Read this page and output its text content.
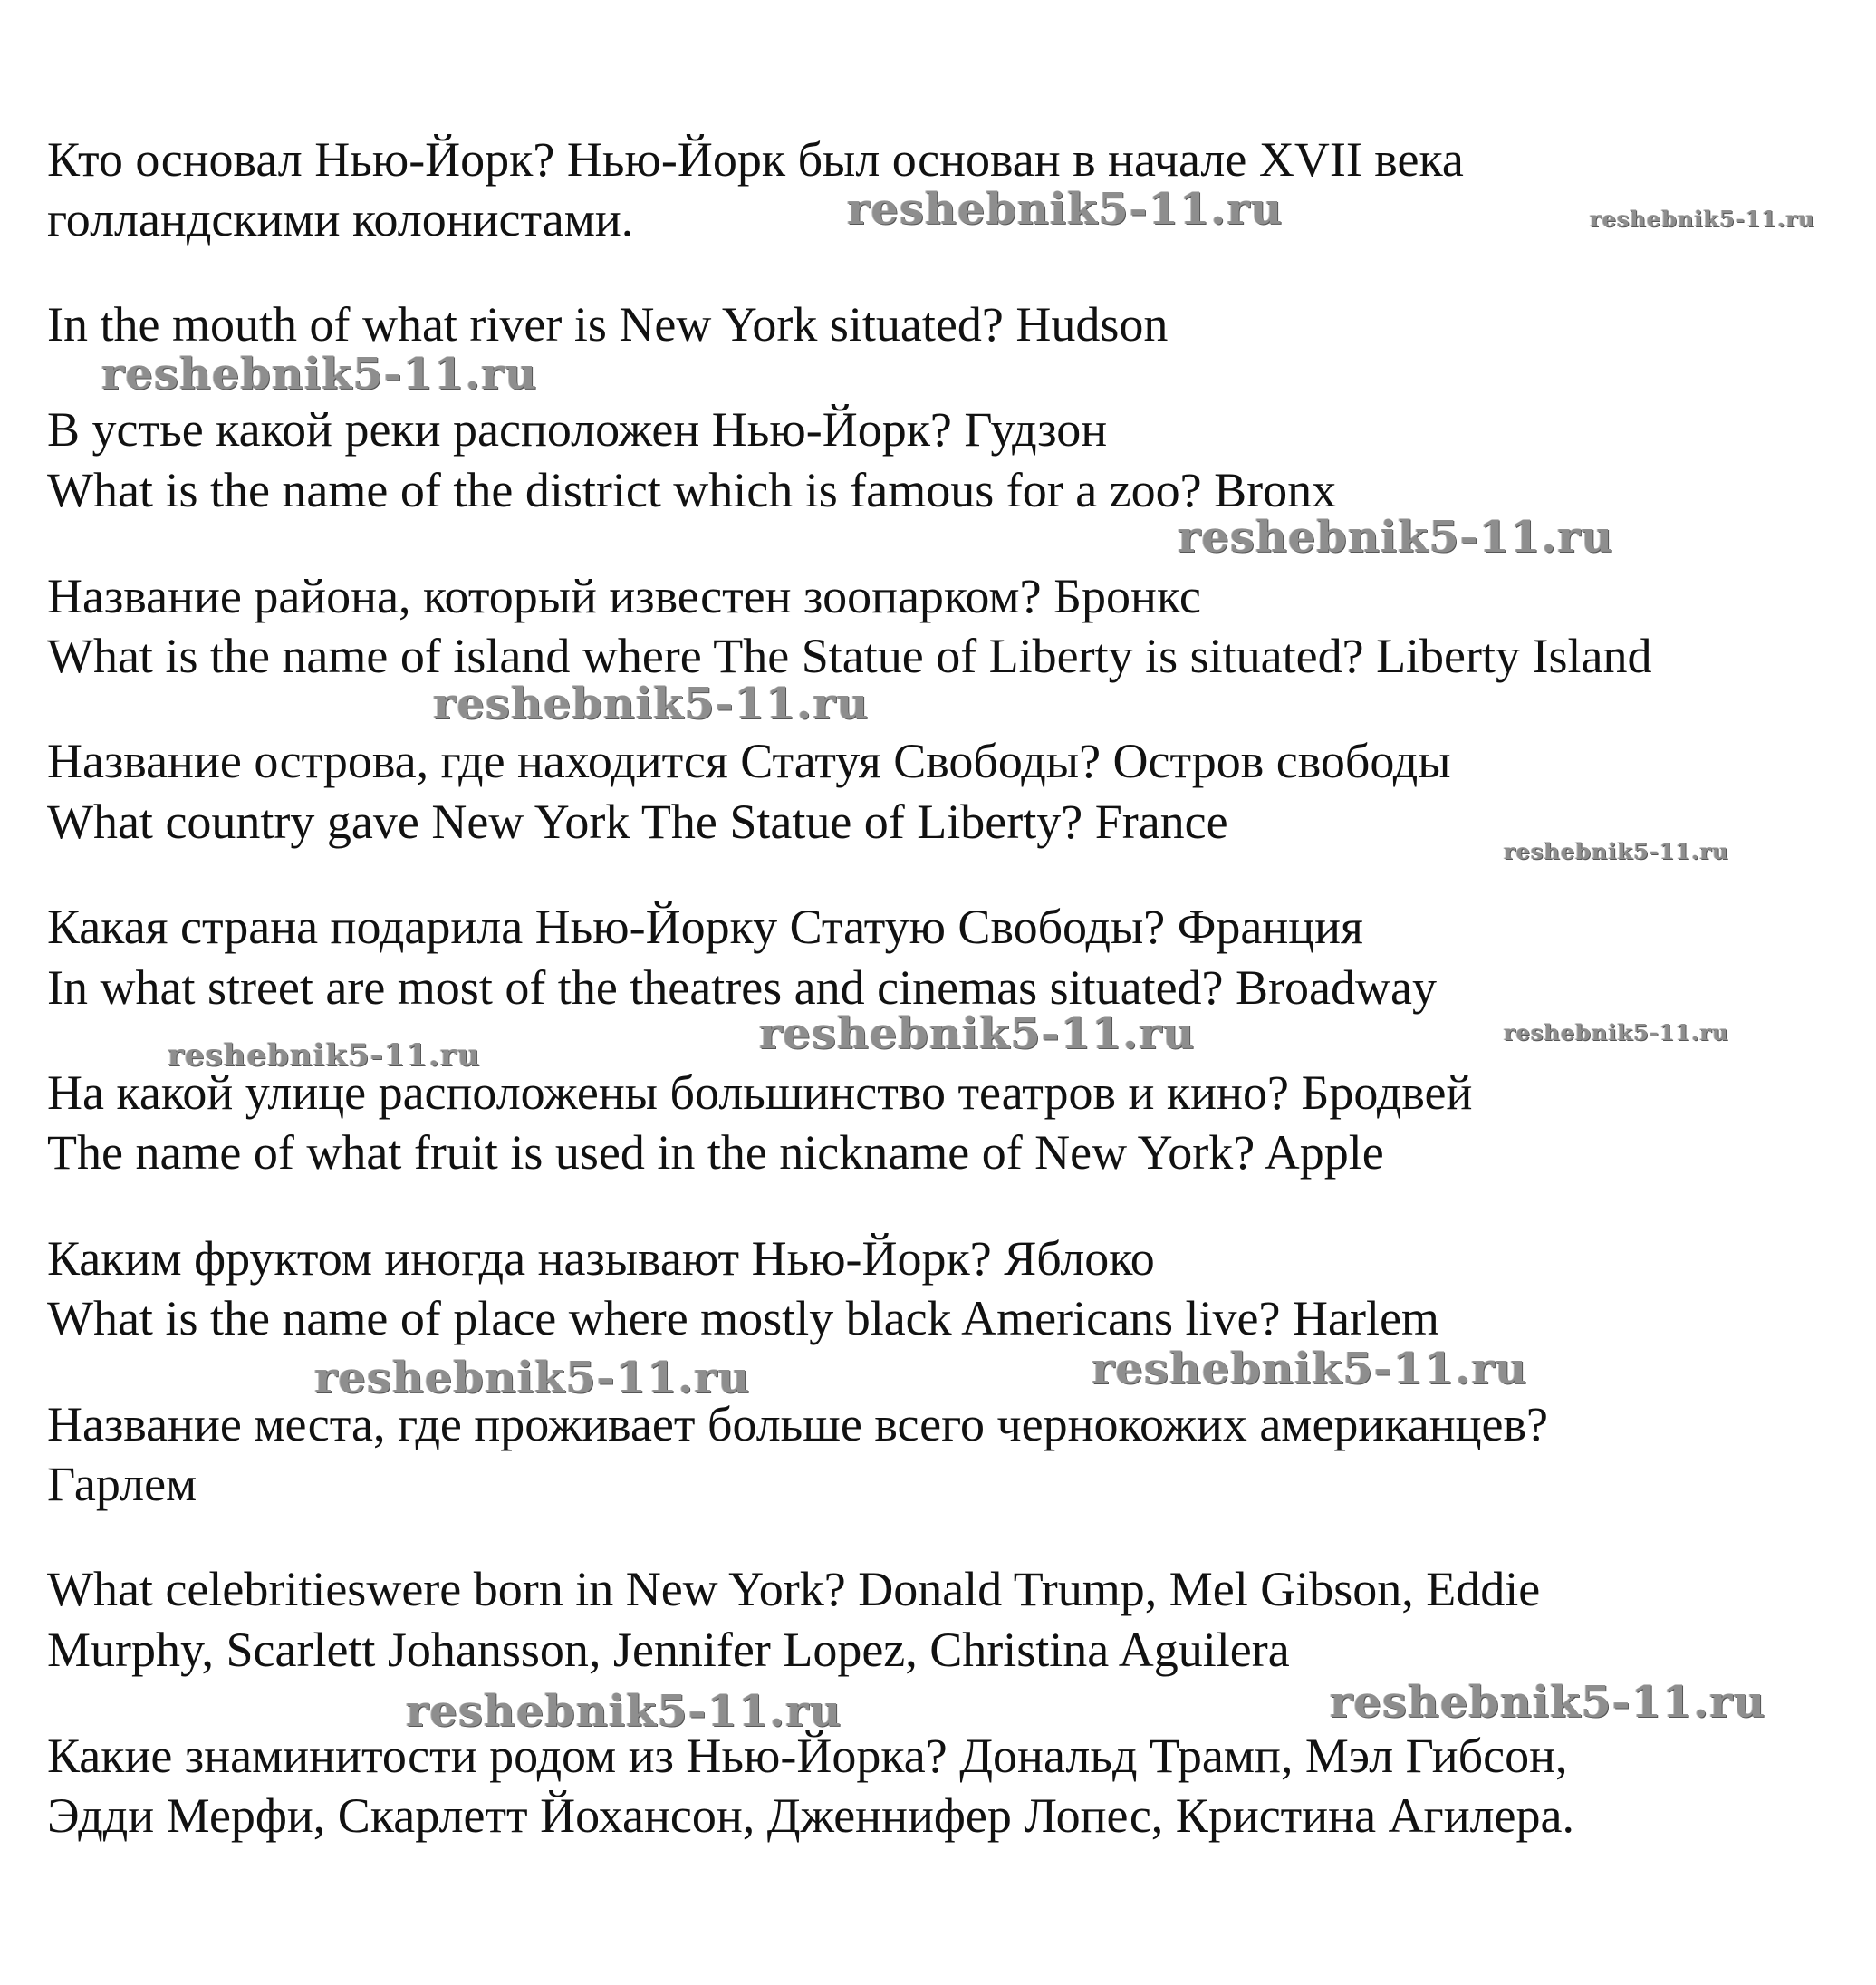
Кто основал Нью-Йорк? Нью-Йорк был основан в начале XVII века
голландскими колонистами.	reshebnik5-11.ru	reshebnik5-11.ru
In the mouth of what river is New York situated? Hudson
reshebnik5-11.ru
В устье какой реки расположен Нью-Йорк? Гудзон
What is the name of the district which is famous for a zoo? Bronx
reshebnik5-11.ru
Название района, который известен зоопарком? Бронкс
What is the name of island where The Statue of Liberty is situated? Liberty Island
reshebnik5-11.ru
Название острова, где находится Статуя Свободы? Остров свободы
What country gave New York The Statue of Liberty? France
reshebnik5-11.ru
Какая страна подарила Нью-Йорку Статую Свободы? Франция
In what street are most of the theatres and cinemas situated? Broadway
reshebnik5-11.ru	reshebnik5-11.ru
reshebnik5-11.ru
На какой улице расположены большинство театров и кино? Бродвей
The name of what fruit is used in the nickname of New York? Apple
Каким фруктом иногда называют Нью-Йорк? Яблоко
What is the name of place where mostly black Americans live? Harlem
reshebnik5-11.ru	reshebnik5-11.ru
Название места, где проживает больше всего чернокожих американцев?
Гарлем
What celebritieswere born in New York? Donald Trump, Mel Gibson, Eddie
Murphy, Scarlett Johansson, Jennifer Lopez, Christina Aguilera
reshebnik5-11.ru	reshebnik5-11.ru
Какие знаминитости родом из Нью-Йорка? Дональд Трамп, Мэл Гибсон,
Эдди Мерфи, Скарлетт Йохансон, Дженнифер Лопес, Кристина Агилера.
